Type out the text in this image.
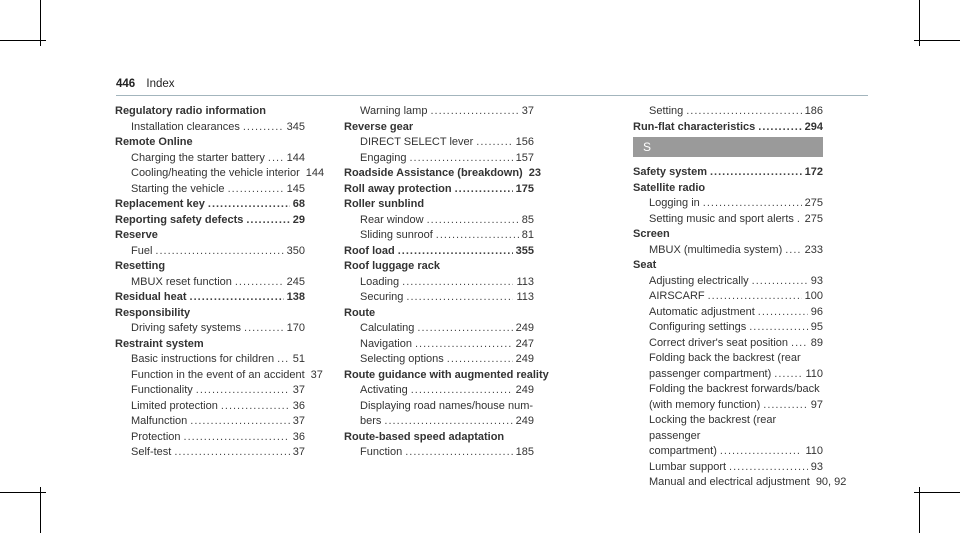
446 Index
Regulatory radio information
Installation clearances .....	345
Remote Online
Charging the starter battery ..... 144
Cooling/heating the vehicle interior 144
Starting the vehicle .....	145
Replacement key .....	68
Reporting safety defects .....	29
Reserve
Fuel .....	350
Resetting
MBUX reset function .....	245
Residual heat .....	138
Responsibility
Driving safety systems .....	170
Restraint system
Basic instructions for children ..... 51
Function in the event of an accident 37
Functionality .....	37
Limited protection .....	36
Malfunction .....	37
Protection .....	36
Self-test .....	37
Warning lamp .....	37
Reverse gear
DIRECT SELECT lever .....	156
Engaging .....	157
Roadside Assistance (breakdown) 23
Roll away protection .....	175
Roller sunblind
Rear window .....	85
Sliding sunroof .....	81
Roof load .....	355
Roof luggage rack
Loading .....	113
Securing .....	113
Route
Calculating .....	249
Navigation .....	247
Selecting options .....	249
Route guidance with augmented reality
Activating .....	249
Displaying road names/house num-
bers .....	249
Route-based speed adaptation
Function .....	185
Setting .....	186
Run-flat characteristics .....	294
S
Safety system .....	172
Satellite radio
Logging in .....	275
Setting music and sport alerts ..... 275
Screen
MBUX (multimedia system) ..... 233
Seat
Adjusting electrically .....	93
AIRSCARF .....	100
Automatic adjustment .....	96
Configuring settings .....	95
Correct driver's seat position ..... 89
Folding back the backrest (rear
passenger compartment) .....	110
Folding the backrest forwards/back
(with memory function) .....	97
Locking the backrest (rear passenger
compartment) .....	110
Lumbar support .....	93
Manual and electrical adjustment 90, 92
